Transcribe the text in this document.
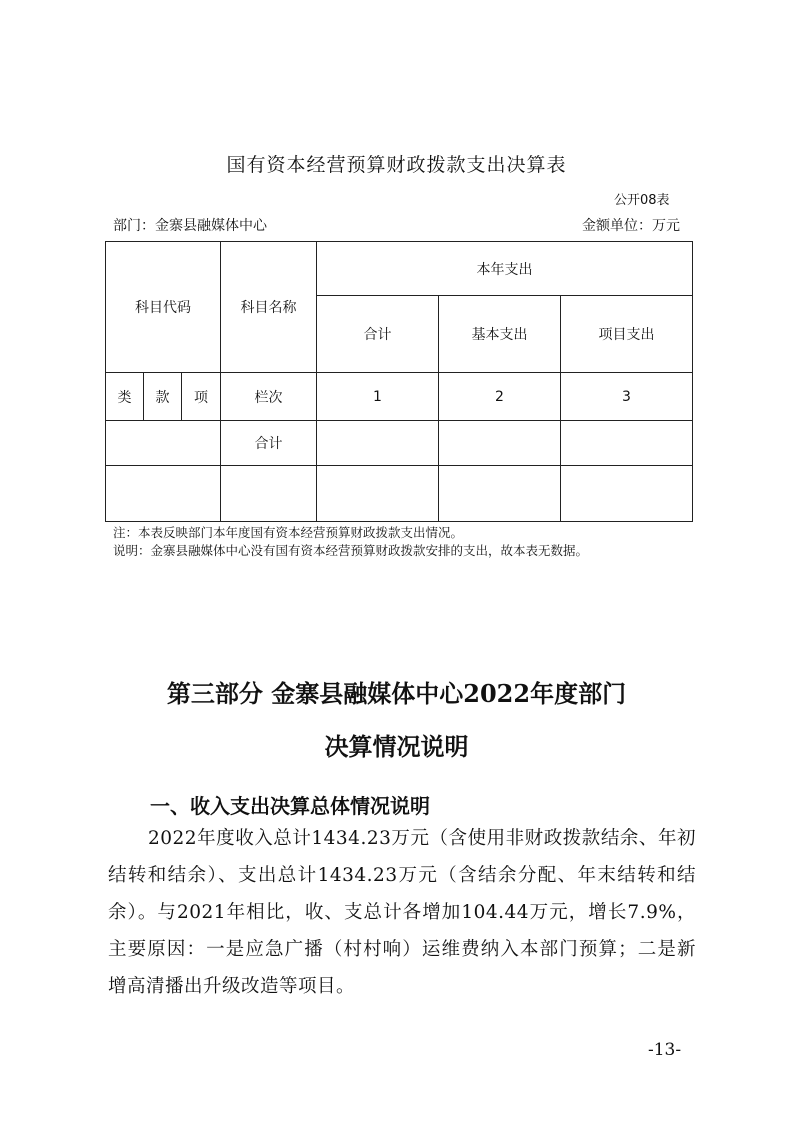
国有资本经营预算财政拨款支出决算表
公开08表
部门：金寨县融媒体中心	金额单位：万元
科目代码			科目名称	本年支出		
				合计	基本支出	项目支出
类	款	项	栏次	1	2	3
			合计			

注：本表反映部门本年度国有资本经营预算财政拨款支出情况。
说明：金寨县融媒体中心没有国有资本经营预算财政拨款安排的支出，故本表无数据。
第三部分 金寨县融媒体中心2022年度部门
决算情况说明
一、收入支出决算总体情况说明
2022年度收入总计1434.23万元（含使用非财政拨款结余、年初结转和结余）、支出总计1434.23万元（含结余分配、年末结转和结余）。与2021年相比，收、支总计各增加104.44万元，增长7.9%，主要原因：一是应急广播（村村响）运维费纳入本部门预算；二是新增高清播出升级改造等项目。
-13-
